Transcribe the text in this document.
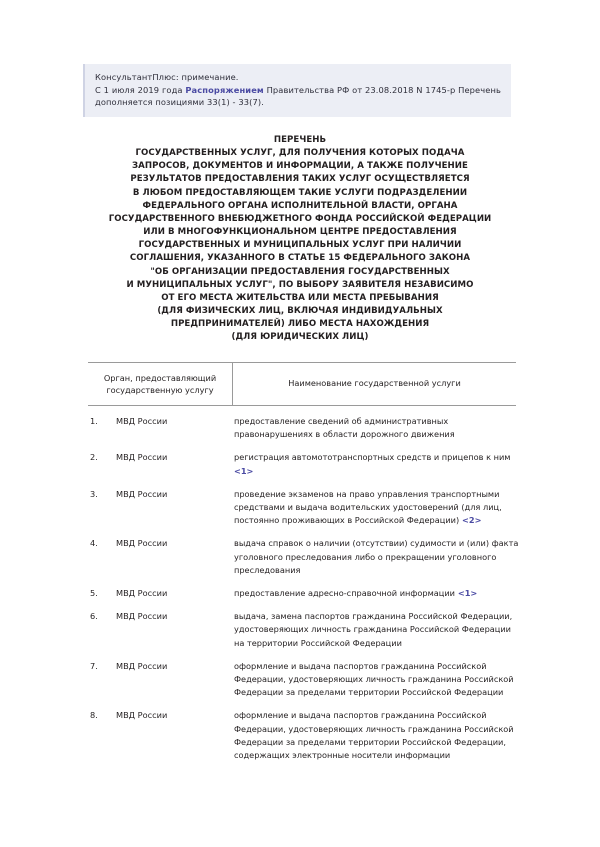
КонсультантПлюс: примечание.
С 1 июля 2019 года Распоряжением Правительства РФ от 23.08.2018 N 1745-р Перечень
дополняется позициями 33(1) - 33(7).
ПЕРЕЧЕНЬ
ГОСУДАРСТВЕННЫХ УСЛУГ, ДЛЯ ПОЛУЧЕНИЯ КОТОРЫХ ПОДАЧА
ЗАПРОСОВ, ДОКУМЕНТОВ И ИНФОРМАЦИИ, А ТАКЖЕ ПОЛУЧЕНИЕ
РЕЗУЛЬТАТОВ ПРЕДОСТАВЛЕНИЯ ТАКИХ УСЛУГ ОСУЩЕСТВЛЯЕТСЯ
В ЛЮБОМ ПРЕДОСТАВЛЯЮЩЕМ ТАКИЕ УСЛУГИ ПОДРАЗДЕЛЕНИИ
ФЕДЕРАЛЬНОГО ОРГАНА ИСПОЛНИТЕЛЬНОЙ ВЛАСТИ, ОРГАНА
ГОСУДАРСТВЕННОГО ВНЕБЮДЖЕТНОГО ФОНДА РОССИЙСКОЙ ФЕДЕРАЦИИ
ИЛИ В МНОГОФУНКЦИОНАЛЬНОМ ЦЕНТРЕ ПРЕДОСТАВЛЕНИЯ
ГОСУДАРСТВЕННЫХ И МУНИЦИПАЛЬНЫХ УСЛУГ ПРИ НАЛИЧИИ
СОГЛАШЕНИЯ, УКАЗАННОГО В СТАТЬЕ 15 ФЕДЕРАЛЬНОГО ЗАКОНА
"ОБ ОРГАНИЗАЦИИ ПРЕДОСТАВЛЕНИЯ ГОСУДАРСТВЕННЫХ
И МУНИЦИПАЛЬНЫХ УСЛУГ", ПО ВЫБОРУ ЗАЯВИТЕЛЯ НЕЗАВИСИМО
ОТ ЕГО МЕСТА ЖИТЕЛЬСТВА ИЛИ МЕСТА ПРЕБЫВАНИЯ
(ДЛЯ ФИЗИЧЕСКИХ ЛИЦ, ВКЛЮЧАЯ ИНДИВИДУАЛЬНЫХ
ПРЕДПРИНИМАТЕЛЕЙ) ЛИБО МЕСТА НАХОЖДЕНИЯ
(ДЛЯ ЮРИДИЧЕСКИХ ЛИЦ)
Орган, предоставляющий
государственную услугу
Наименование государственной услуги
1.	МВД России	предоставление сведений об административных
правонарушениях в области дорожного движения
2.	МВД России	регистрация автомототранспортных средств и прицепов к ним
<1>
3.	МВД России	проведение экзаменов на право управления транспортными
средствами и выдача водительских удостоверений (для лиц,
постоянно проживающих в Российской Федерации) <2>
4.	МВД России	выдача справок о наличии (отсутствии) судимости и (или) факта
уголовного преследования либо о прекращении уголовного
преследования
5.	МВД России	предоставление адресно-справочной информации <1>
6.	МВД России	выдача, замена паспортов гражданина Российской Федерации,
удостоверяющих личность гражданина Российской Федерации
на территории Российской Федерации
7.	МВД России	оформление и выдача паспортов гражданина Российской
Федерации, удостоверяющих личность гражданина Российской
Федерации за пределами территории Российской Федерации
8.	МВД России	оформление и выдача паспортов гражданина Российской
Федерации, удостоверяющих личность гражданина Российской
Федерации за пределами территории Российской Федерации,
содержащих электронные носители информации
